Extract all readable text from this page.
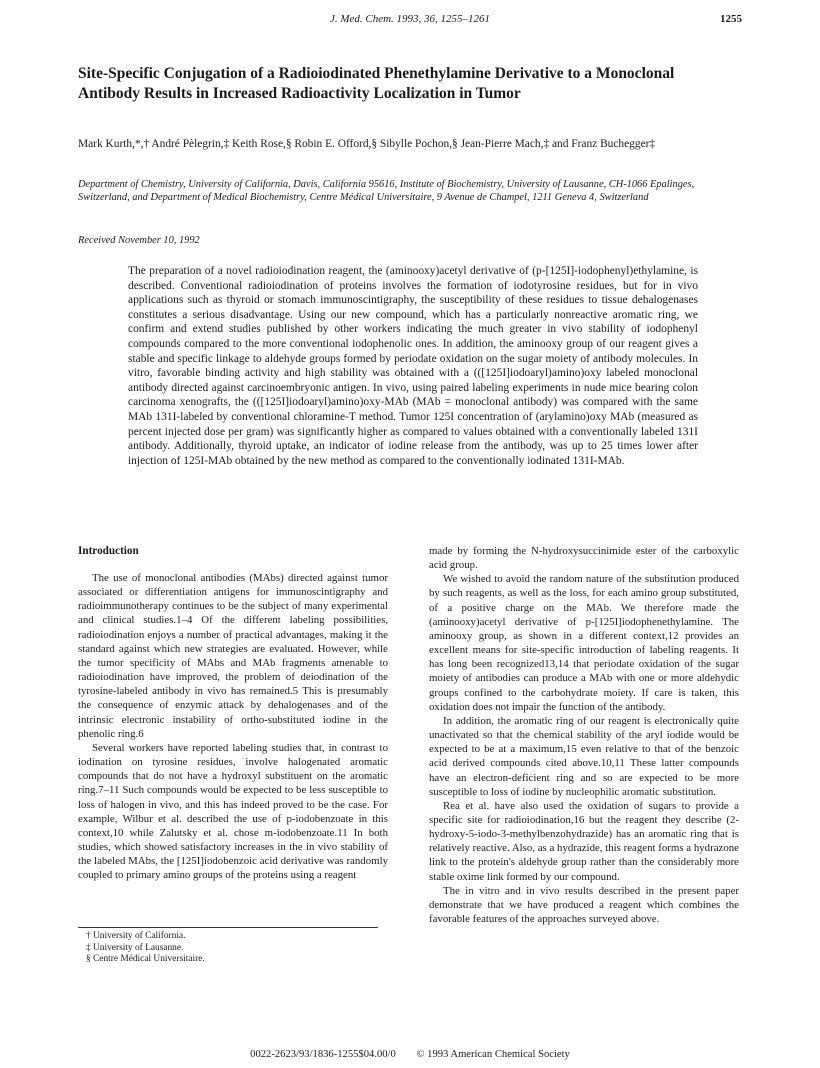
J. Med. Chem. 1993, 36, 1255–1261	1255
Site-Specific Conjugation of a Radioiodinated Phenethylamine Derivative to a Monoclonal Antibody Results in Increased Radioactivity Localization in Tumor
Mark Kurth,*,† André Pèlegrin,‡ Keith Rose,§ Robin E. Offord,§ Sibylle Pochon,§ Jean-Pierre Mach,‡ and Franz Buchegger‡
Department of Chemistry, University of California, Davis, California 95616, Institute of Biochemistry, University of Lausanne, CH-1066 Epalinges, Switzerland, and Department of Medical Biochemistry, Centre Médical Universitaire, 9 Avenue de Champel, 1211 Geneva 4, Switzerland
Received November 10, 1992

The preparation of a novel radioiodination reagent, the (aminooxy)acetyl derivative of (p-[125I]-iodophenyl)ethylamine, is described. Conventional radioiodination of proteins involves the formation of iodotyrosine residues, but for in vivo applications such as thyroid or stomach immunoscintigraphy, the susceptibility of these residues to tissue dehalogenases constitutes a serious disadvantage. Using our new compound, which has a particularly nonreactive aromatic ring, we confirm and extend studies published by other workers indicating the much greater in vivo stability of iodophenyl compounds compared to the more conventional iodophenolic ones. In addition, the aminooxy group of our reagent gives a stable and specific linkage to aldehyde groups formed by periodate oxidation on the sugar moiety of antibody molecules. In vitro, favorable binding activity and high stability was obtained with a (([125I]iodoaryl)amino)oxy labeled monoclonal antibody directed against carcinoembryonic antigen. In vivo, using paired labeling experiments in nude mice bearing colon carcinoma xenografts, the (([125I]iodoaryl)amino)oxy-MAb (MAb = monoclonal antibody) was compared with the same MAb 131I-labeled by conventional chloramine-T method. Tumor 125I concentration of (arylamino)oxy MAb (measured as percent injected dose per gram) was significantly higher as compared to values obtained with a conventionally labeled 131I antibody. Additionally, thyroid uptake, an indicator of iodine release from the antibody, was up to 25 times lower after injection of 125I-MAb obtained by the new method as compared to the conventionally iodinated 131I-MAb.

Introduction

The use of monoclonal antibodies (MAbs) directed against tumor associated or differentiation antigens for immunoscintigraphy and radioimmunotherapy continues to be the subject of many experimental and clinical studies.1–4 Of the different labeling possibilities, radioiodination enjoys a number of practical advantages, making it the standard against which new strategies are evaluated. However, while the tumor specificity of MAbs and MAb fragments amenable to radioiodination have improved, the problem of deiodination of the tyrosine-labeled antibody in vivo has remained.5 This is presumably the consequence of enzymic attack by dehalogenases and of the intrinsic electronic instability of ortho-substituted iodine in the phenolic ring.6

Several workers have reported labeling studies that, in contrast to iodination on tyrosine residues, involve halogenated aromatic compounds that do not have a hydroxyl substituent on the aromatic ring.7–11 Such compounds would be expected to be less susceptible to loss of halogen in vivo, and this has indeed proved to be the case. For example, Wilbur et al. described the use of p-iodobenzoate in this context,10 while Zalutsky et al. chose m-iodobenzoate.11 In both studies, which showed satisfactory increases in the in vivo stability of the labeled MAbs, the [125I]iodobenzoic acid derivative was randomly coupled to primary amino groups of the proteins using a reagent

made by forming the N-hydroxysuccinimide ester of the carboxylic acid group.

We wished to avoid the random nature of the substitution produced by such reagents, as well as the loss, for each amino group substituted, of a positive charge on the MAb. We therefore made the (aminooxy)acetyl derivative of p-[125I]iodophenethylamine. The aminooxy group, as shown in a different context,12 provides an excellent means for site-specific introduction of labeling reagents. It has long been recognized13,14 that periodate oxidation of the sugar moiety of antibodies can produce a MAb with one or more aldehydic groups confined to the carbohydrate moiety. If care is taken, this oxidation does not impair the function of the antibody.

In addition, the aromatic ring of our reagent is electronically quite unactivated so that the chemical stability of the aryl iodide would be expected to be at a maximum,15 even relative to that of the benzoic acid derived compounds cited above.10,11 These latter compounds have an electron-deficient ring and so are expected to be more susceptible to loss of iodine by nucleophilic aromatic substitution.

Rea et al. have also used the oxidation of sugars to provide a specific site for radioiodination,16 but the reagent they describe (2-hydroxy-5-iodo-3-methylbenzohydrazide) has an aromatic ring that is relatively reactive. Also, as a hydrazide, this reagent forms a hydrazone link to the protein's aldehyde group rather than the considerably more stable oxime link formed by our compound.

The in vitro and in vivo results described in the present paper demonstrate that we have produced a reagent which combines the favorable features of the approaches surveyed above.

† University of California.
‡ University of Lausanne.
§ Centre Médical Universitaire.
0022-2623/93/1836-1255$04.00/0 © 1993 American Chemical Society
